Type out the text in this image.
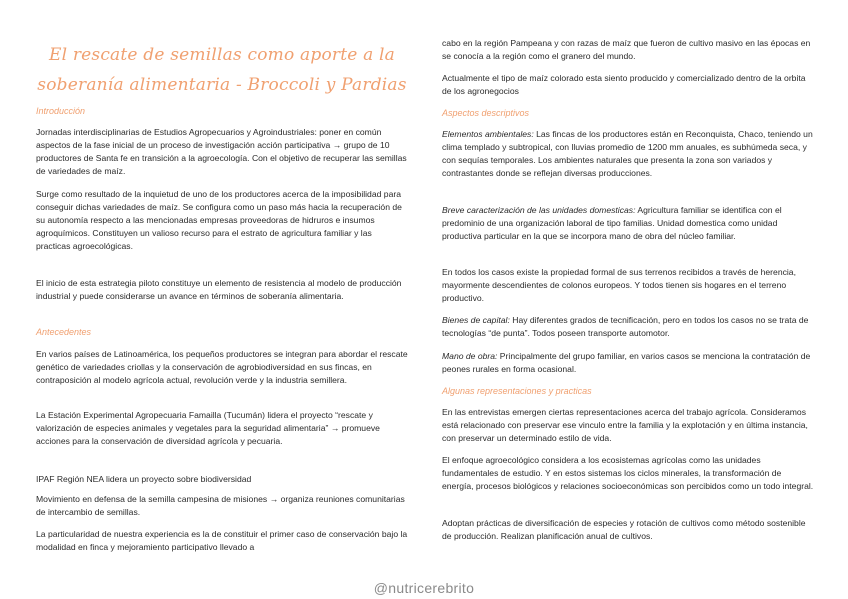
El rescate de semillas como aporte a la soberanía alimentaria - Broccoli y Pardias
Introducción

Jornadas interdisciplinarias de Estudios Agropecuarios y Agroindustriales: poner en común aspectos de la fase inicial de un proceso de investigación acción participativa → grupo de 10 productores de Santa fe en transición a la agroecología. Con el objetivo de recuperar las semillas de variedades de maíz.

Surge como resultado de la inquietud de uno de los productores acerca de la imposibilidad para conseguir dichas variedades de maíz. Se configura como un paso más hacia la recuperación de su autonomía respecto a las mencionadas empresas proveedoras de hidruros e insumos agroquímicos. Constituyen un valioso recurso para el estrato de agricultura familiar y las practicas agroecológicas.

El inicio de esta estrategia piloto constituye un elemento de resistencia al modelo de producción industrial y puede considerarse un avance en términos de soberanía alimentaria.

Antecedentes

En varios países de Latinoamérica, los pequeños productores se integran para abordar el rescate genético de variedades criollas y la conservación de agrobiodiversidad en sus fincas, en contraposición al modelo agrícola actual, revolución verde y la industria semillera.

La Estación Experimental Agropecuaria Famailla (Tucumán) lidera el proyecto “rescate y valorización de especies animales y vegetales para la seguridad alimentaria” → promueve acciones para la conservación de diversidad agrícola y pecuaria.

IPAF Región NEA lidera un proyecto sobre biodiversidad

Movimiento en defensa de la semilla campesina de misiones → organiza reuniones comunitarias de intercambio de semillas.

La particularidad de nuestra experiencia es la de constituir el primer caso de conservación bajo la modalidad en finca y mejoramiento participativo llevado a

cabo en la región Pampeana y con razas de maíz que fueron de cultivo masivo en las épocas en se conocía a la región como el granero del mundo.

Actualmente el tipo de maíz colorado esta siento producido y comercializado dentro de la orbita de los agronegocios

Aspectos descriptivos

Elementos ambientales: Las fincas de los productores están en Reconquista, Chaco, teniendo un clima templado y subtropical, con lluvias promedio de 1200 mm anuales, es subhúmeda seca, y con sequías temporales. Los ambientes naturales que presenta la zona son variados y contrastantes donde se reflejan diversas producciones.

Breve caracterización de las unidades domesticas: Agricultura familiar se identifica con el predominio de una organización laboral de tipo familias. Unidad domestica como unidad productiva particular en la que se incorpora mano de obra del núcleo familiar.

En todos los casos existe la propiedad formal de sus terrenos recibidos a través de herencia, mayormente descendientes de colonos europeos. Y todos tienen sis hogares en el terreno productivo.

Bienes de capital: Hay diferentes grados de tecnificación, pero en todos los casos no se trata de tecnologías “de punta”. Todos poseen transporte automotor.

Mano de obra: Principalmente del grupo familiar, en varios casos se menciona la contratación de peones rurales en forma ocasional.

Algunas representaciones y practicas

En las entrevistas emergen ciertas representaciones acerca del trabajo agrícola. Consideramos está relacionado con preservar ese vinculo entre la familia y la explotación y en última instancia, con preservar un determinado estilo de vida.

El enfoque agroecológico considera a los ecosistemas agrícolas como las unidades fundamentales de estudio. Y en estos sistemas los ciclos minerales, la transformación de energía, procesos biológicos y relaciones socioeconómicas son percibidos como un todo integral.

Adoptan prácticas de diversificación de especies y rotación de cultivos como método sostenible de producción. Realizan planificación anual de cultivos.

@nutricerebrito
